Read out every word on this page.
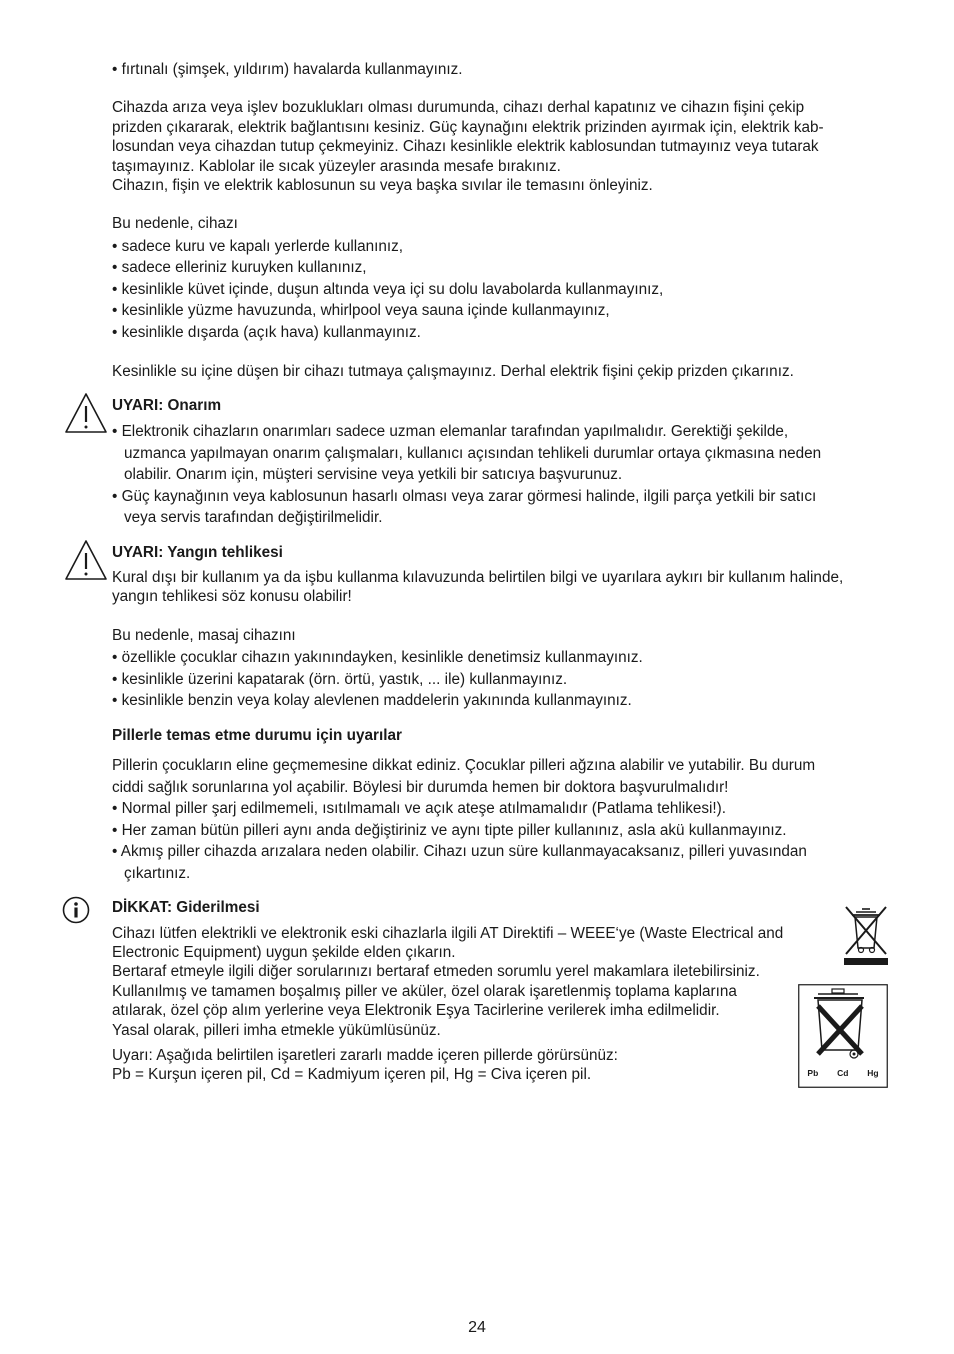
• fırtınalı (şimşek, yıldırım) havalarda kullanmayınız.

Cihazda arıza veya işlev bozuklukları olması durumunda, cihazı derhal kapatınız ve cihazın fişini çekip

prizden çıkararak, elektrik bağlantısını kesiniz. Güç kaynağını elektrik prizinden ayırmak için, elektrik kab-

losundan veya cihazdan tutup çekmeyiniz. Cihazı kesinlikle elektrik kablosundan tutmayınız veya tutarak

taşımayınız. Kablolar ile sıcak yüzeyler arasında mesafe bırakınız.

Cihazın, fişin ve elektrik kablosunun su veya başka sıvılar ile temasını önleyiniz.

Bu nedenle, cihazı

• sadece kuru ve kapalı yerlerde kullanınız,

• sadece elleriniz kuruyken kullanınız,

• kesinlikle küvet içinde, duşun altında veya içi su dolu lavabolarda kullanmayınız,

• kesinlikle yüzme havuzunda, whirlpool veya sauna içinde kullanmayınız,

• kesinlikle dışarda (açık hava) kullanmayınız.

Kesinlikle su içine düşen bir cihazı tutmaya çalışmayınız. Derhal elektrik fişini çekip prizden çıkarınız.

UYARI: Onarım

• Elektronik cihazların onarımları sadece uzman elemanlar tarafından yapılmalıdır. Gerektiği şekilde,

uzmanca yapılmayan onarım çalışmaları, kullanıcı açısından tehlikeli durumlar ortaya çıkmasına neden

olabilir. Onarım için, müşteri servisine veya yetkili bir satıcıya başvurunuz.

• Güç kaynağının veya kablosunun hasarlı olması veya zarar görmesi halinde, ilgili parça yetkili bir satıcı

veya servis tarafından değiştirilmelidir.

UYARI: Yangın tehlikesi

Kural dışı bir kullanım ya da işbu kullanma kılavuzunda belirtilen bilgi ve uyarılara aykırı bir kullanım halinde,

yangın tehlikesi söz konusu olabilir!

Bu nedenle, masaj cihazını

• özellikle çocuklar cihazın yakınındayken, kesinlikle denetimsiz kullanmayınız.

• kesinlikle üzerini kapatarak (örn. örtü, yastık, ... ile) kullanmayınız.

• kesinlikle benzin veya kolay alevlenen maddelerin yakınında kullanmayınız.

Pillerle temas etme durumu için uyarılar

Pillerin çocukların eline geçmemesine dikkat ediniz. Çocuklar pilleri ağzına alabilir ve yutabilir. Bu durum

ciddi sağlık sorunlarına yol açabilir. Böylesi bir durumda hemen bir doktora başvurulmalıdır!

• Normal piller şarj edilmemeli, ısıtılmamalı ve açık ateşe atılmamalıdır (Patlama tehlikesi!).

• Her zaman bütün pilleri aynı anda değiştiriniz ve aynı tipte piller kullanınız, asla akü kullanmayınız.

• Akmış piller cihazda arızalara neden olabilir. Cihazı uzun süre kullanmayacaksanız, pilleri yuvasından

çıkartınız.

Pb Cd Hg

DİKKAT: Giderilmesi

Cihazı lütfen elektrikli ve elektronik eski cihazlarla ilgili AT Direktifi – WEEE‘ye (Waste Electrical and

Electronic Equipment) uygun şekilde elden çıkarın.

Bertaraf etmeyle ilgili diğer sorularınızı bertaraf etmeden sorumlu yerel makamlara iletebilirsiniz.

Kullanılmış ve tamamen boşalmış piller ve aküler, özel olarak işaretlenmiş toplama kaplarına

atılarak, özel çöp alım yerlerine veya Elektronik Eşya Tacirlerine verilerek imha edilmelidir.

Yasal olarak, pilleri imha etmekle yükümlüsünüz.

Uyarı: Aşağıda belirtilen işaretleri zararlı madde içeren pillerde görürsünüz:

Pb = Kurşun içeren pil, Cd = Kadmiyum içeren pil, Hg = Civa içeren pil.

24
